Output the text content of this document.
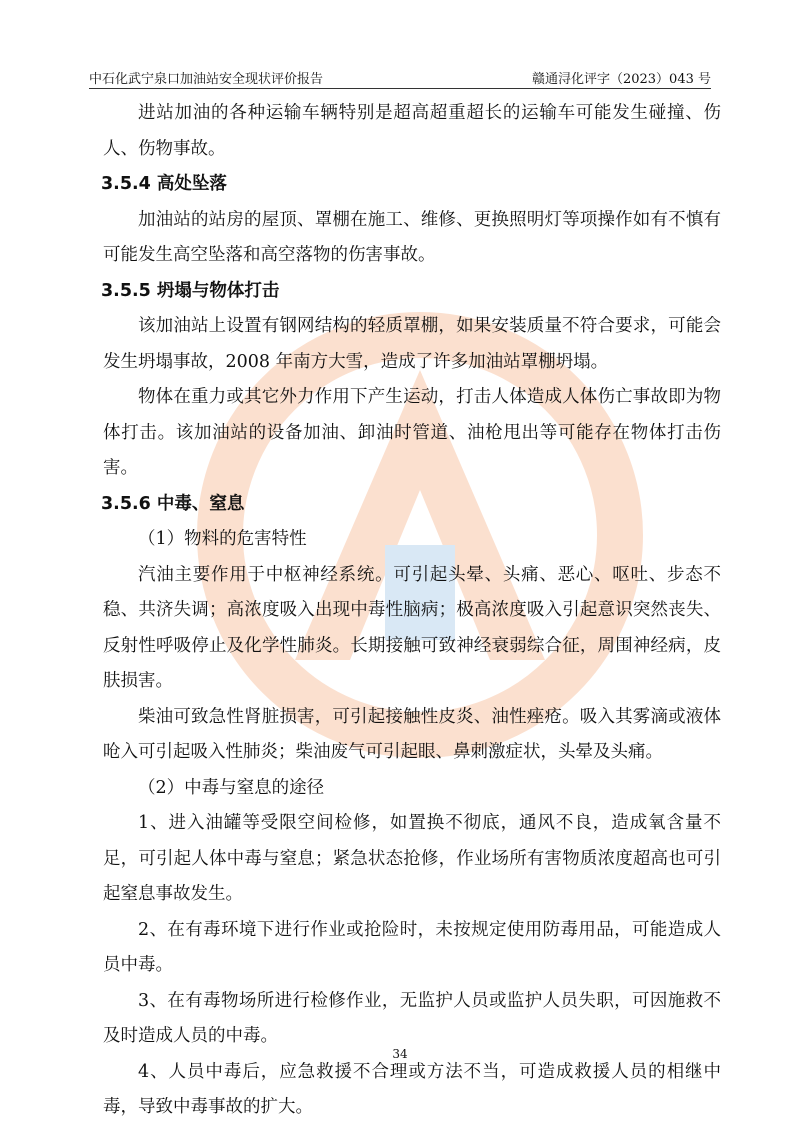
中石化武宁泉口加油站安全现状评价报告	赣通浔化评字（2023）043 号

进站加油的各种运输车辆特别是超高超重超长的运输车可能发生碰撞、伤人、伤物事故。

3.5.4 高处坠落

加油站的站房的屋顶、罩棚在施工、维修、更换照明灯等项操作如有不慎有可能发生高空坠落和高空落物的伤害事故。

3.5.5 坍塌与物体打击

该加油站上设置有钢网结构的轻质罩棚，如果安装质量不符合要求，可能会发生坍塌事故，2008 年南方大雪，造成了许多加油站罩棚坍塌。

物体在重力或其它外力作用下产生运动，打击人体造成人体伤亡事故即为物体打击。该加油站的设备加油、卸油时管道、油枪甩出等可能存在物体打击伤害。

3.5.6 中毒、窒息

（1）物料的危害特性

汽油主要作用于中枢神经系统。可引起头晕、头痛、恶心、呕吐、步态不稳、共济失调；高浓度吸入出现中毒性脑病；极高浓度吸入引起意识突然丧失、反射性呼吸停止及化学性肺炎。长期接触可致神经衰弱综合征，周围神经病，皮肤损害。

柴油可致急性肾脏损害，可引起接触性皮炎、油性痤疮。吸入其雾滴或液体呛入可引起吸入性肺炎；柴油废气可引起眼、鼻刺激症状，头晕及头痛。

（2）中毒与窒息的途径

1、进入油罐等受限空间检修，如置换不彻底，通风不良，造成氧含量不足，可引起人体中毒与窒息；紧急状态抢修，作业场所有害物质浓度超高也可引起窒息事故发生。

2、在有毒环境下进行作业或抢险时，未按规定使用防毒用品，可能造成人员中毒。

3、在有毒物场所进行检修作业，无监护人员或监护人员失职，可因施救不及时造成人员的中毒。

4、人员中毒后，应急救援不合理或方法不当，可造成救援人员的相继中毒，导致中毒事故的扩大。

34
